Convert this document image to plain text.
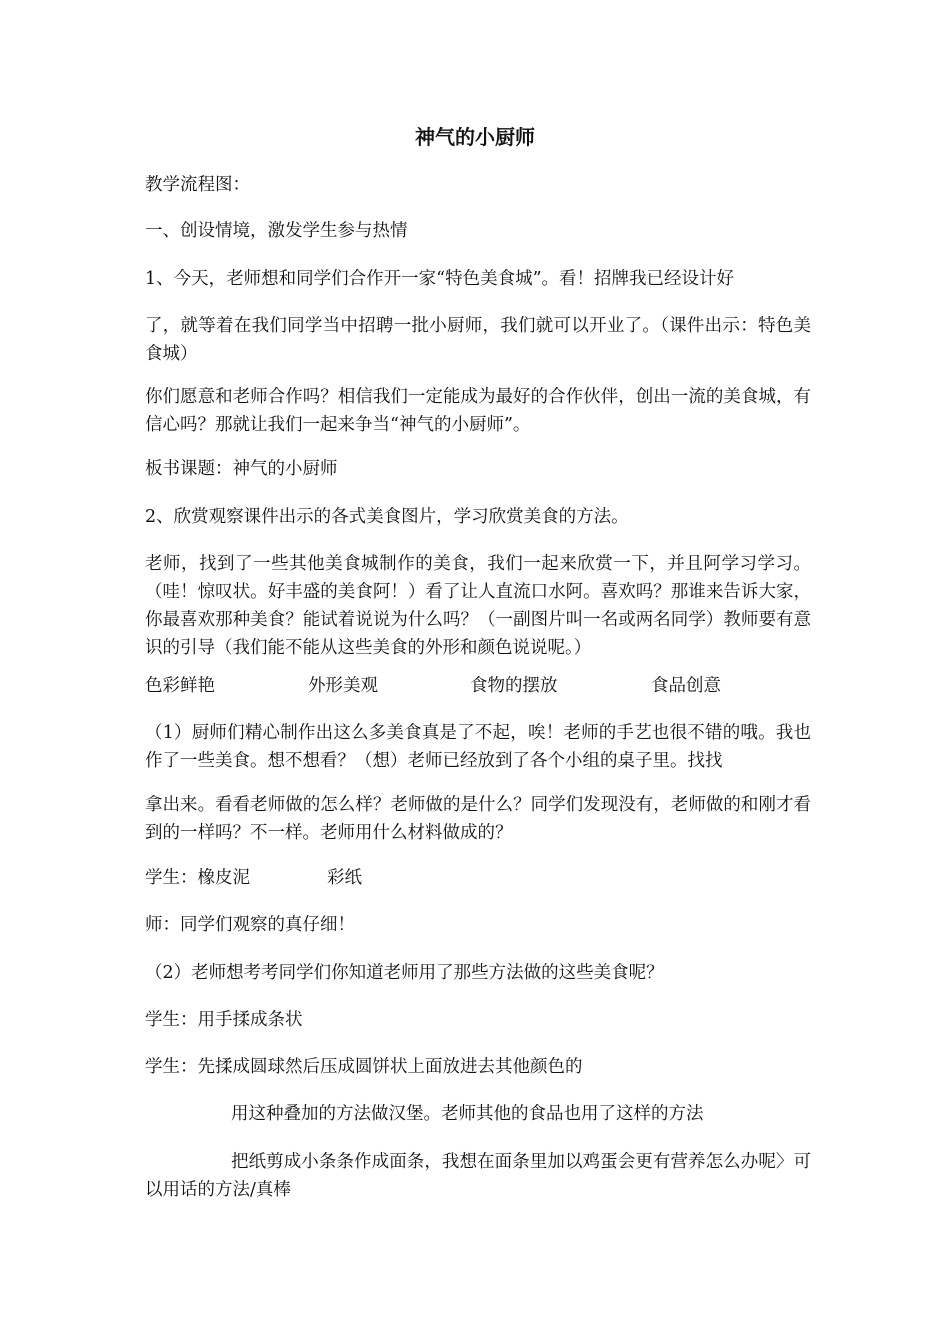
神气的小厨师

教学流程图：

一、创设情境，激发学生参与热情

1、今天，老师想和同学们合作开一家“特色美食城”。看！招牌我已经设计好

了，就等着在我们同学当中招聘一批小厨师，我们就可以开业了。（课件出示：特色美食城）

你们愿意和老师合作吗？相信我们一定能成为最好的合作伙伴，创出一流的美食城，有信心吗？那就让我们一起来争当“神气的小厨师”。

板书课题：神气的小厨师

2、欣赏观察课件出示的各式美食图片，学习欣赏美食的方法。

老师，找到了一些其他美食城制作的美食，我们一起来欣赏一下，并且阿学习学习。（哇！惊叹状。好丰盛的美食阿！）看了让人直流口水阿。喜欢吗？那谁来告诉大家，你最喜欢那种美食？能试着说说为什么吗？（一副图片叫一名或两名同学）教师要有意识的引导（我们能不能从这些美食的外形和颜色说说呢。）

色彩鲜艳	外形美观	食物的摆放	食品创意

（1）厨师们精心制作出这么多美食真是了不起，唉！老师的手艺也很不错的哦。我也作了一些美食。想不想看？（想）老师已经放到了各个小组的桌子里。找找

拿出来。看看老师做的怎么样？老师做的是什么？同学们发现没有，老师做的和刚才看到的一样吗？不一样。老师用什么材料做成的？

学生：橡皮泥	彩纸

师：同学们观察的真仔细！

（2）老师想考考同学们你知道老师用了那些方法做的这些美食呢？

学生：用手揉成条状

学生：先揉成圆球然后压成圆饼状上面放进去其他颜色的

用这种叠加的方法做汉堡。老师其他的食品也用了这样的方法

把纸剪成小条条作成面条，我想在面条里加以鸡蛋会更有营养怎么办呢〉可以用话的方法/真棒
